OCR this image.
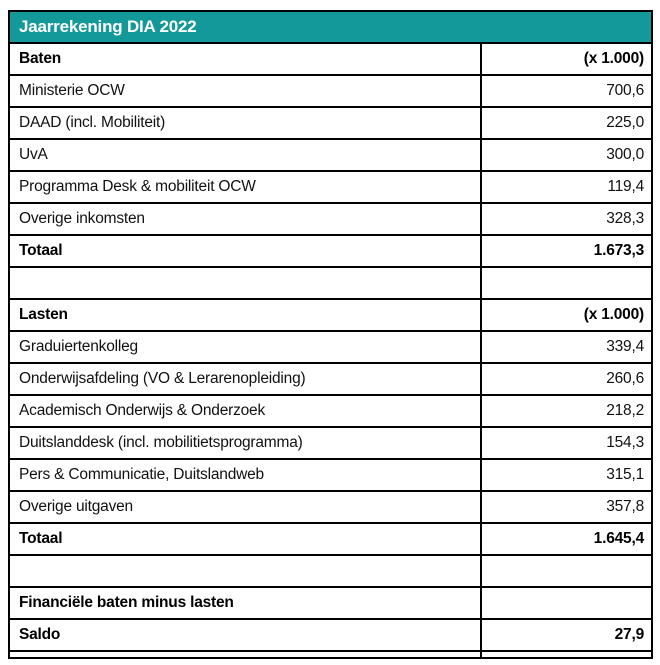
Jaarrekening DIA 2022
Baten	(x 1.000)
Ministerie OCW	700,6
DAAD (incl. Mobiliteit)	225,0
UvA	300,0
Programma Desk & mobiliteit OCW	119,4
Overige inkomsten	328,3
Totaal	1.673,3
Lasten	(x 1.000)
Graduiertenkolleg	339,4
Onderwijsafdeling (VO & Lerarenopleiding)	260,6
Academisch Onderwijs & Onderzoek	218,2
Duitslanddesk (incl. mobilitietsprogramma)	154,3
Pers & Communicatie, Duitslandweb	315,1
Overige uitgaven	357,8
Totaal	1.645,4
Financiële baten minus lasten
Saldo	27,9
